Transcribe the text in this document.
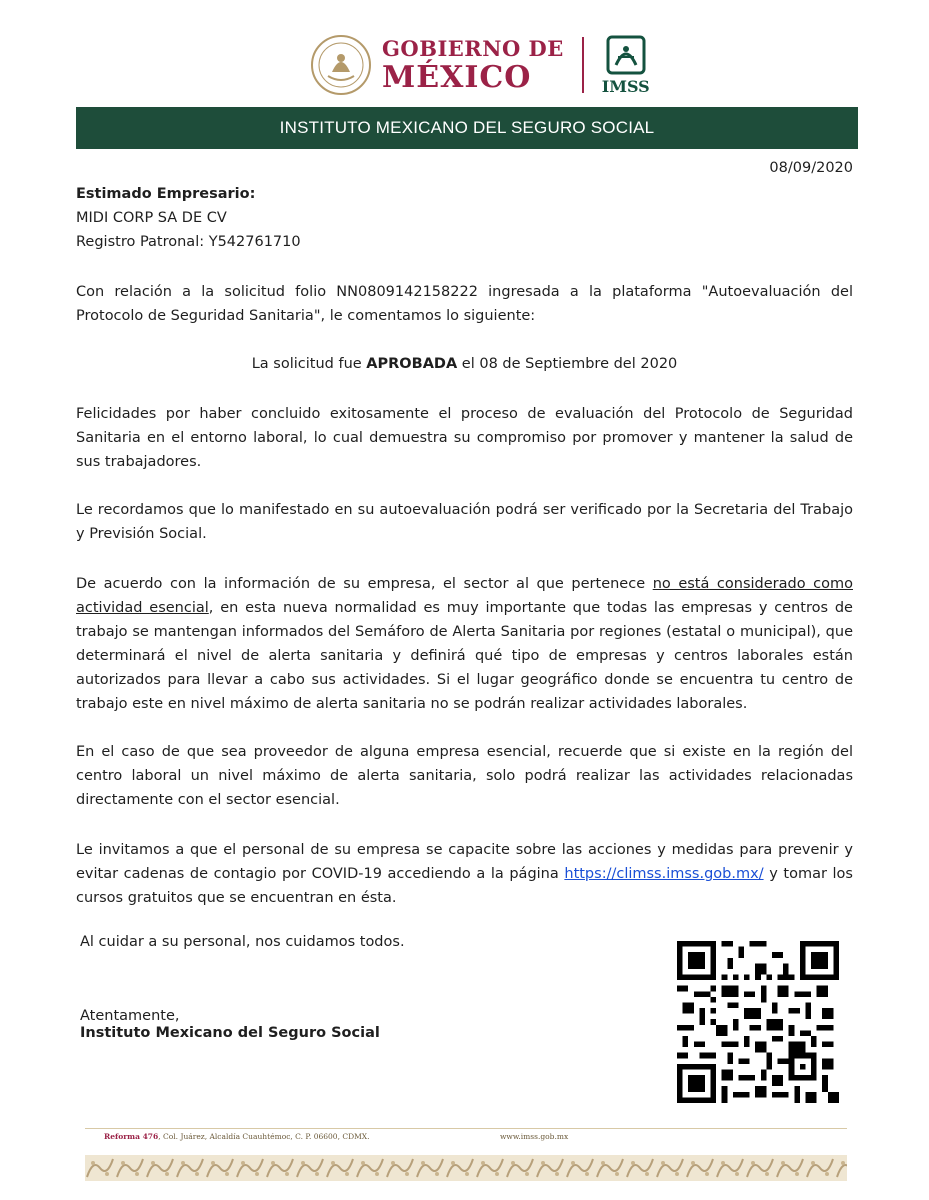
GOBIERNO DE
MÉXICO	IMSS
INSTITUTO MEXICANO DEL SEGURO SOCIAL
08/09/2020
Estimado Empresario:
MIDI CORP SA DE CV
Registro Patronal: Y542761710
Con relación a la solicitud folio NN0809142158222 ingresada a la plataforma "Autoevaluación del Protocolo de Seguridad Sanitaria", le comentamos lo siguiente:
La solicitud fue APROBADA el 08 de Septiembre del 2020
Felicidades por haber concluido exitosamente el proceso de evaluación del Protocolo de Seguridad Sanitaria en el entorno laboral, lo cual demuestra su compromiso por promover y mantener la salud de sus trabajadores.
Le recordamos que lo manifestado en su autoevaluación podrá ser verificado por la Secretaria del Trabajo y Previsión Social.
De acuerdo con la información de su empresa, el sector al que pertenece no está considerado como actividad esencial, en esta nueva normalidad es muy importante que todas las empresas y centros de trabajo se mantengan informados del Semáforo de Alerta Sanitaria por regiones (estatal o municipal), que determinará el nivel de alerta sanitaria y definirá qué tipo de empresas y centros laborales están autorizados para llevar a cabo sus actividades. Si el lugar geográfico donde se encuentra tu centro de trabajo este en nivel máximo de alerta sanitaria no se podrán realizar actividades laborales.
En el caso de que sea proveedor de alguna empresa esencial, recuerde que si existe en la región del centro laboral un nivel máximo de alerta sanitaria, solo podrá realizar las actividades relacionadas directamente con el sector esencial.
Le invitamos a que el personal de su empresa se capacite sobre las acciones y medidas para prevenir y evitar cadenas de contagio por COVID-19 accediendo a la página https://climss.imss.gob.mx/ y tomar los cursos gratuitos que se encuentran en ésta.
Al cuidar a su personal, nos cuidamos todos.
Atentamente,
Instituto Mexicano del Seguro Social
Reforma 476, Col. Juárez, Alcaldía Cuauhtémoc, C. P. 06600, CDMX.	www.imss.gob.mx
